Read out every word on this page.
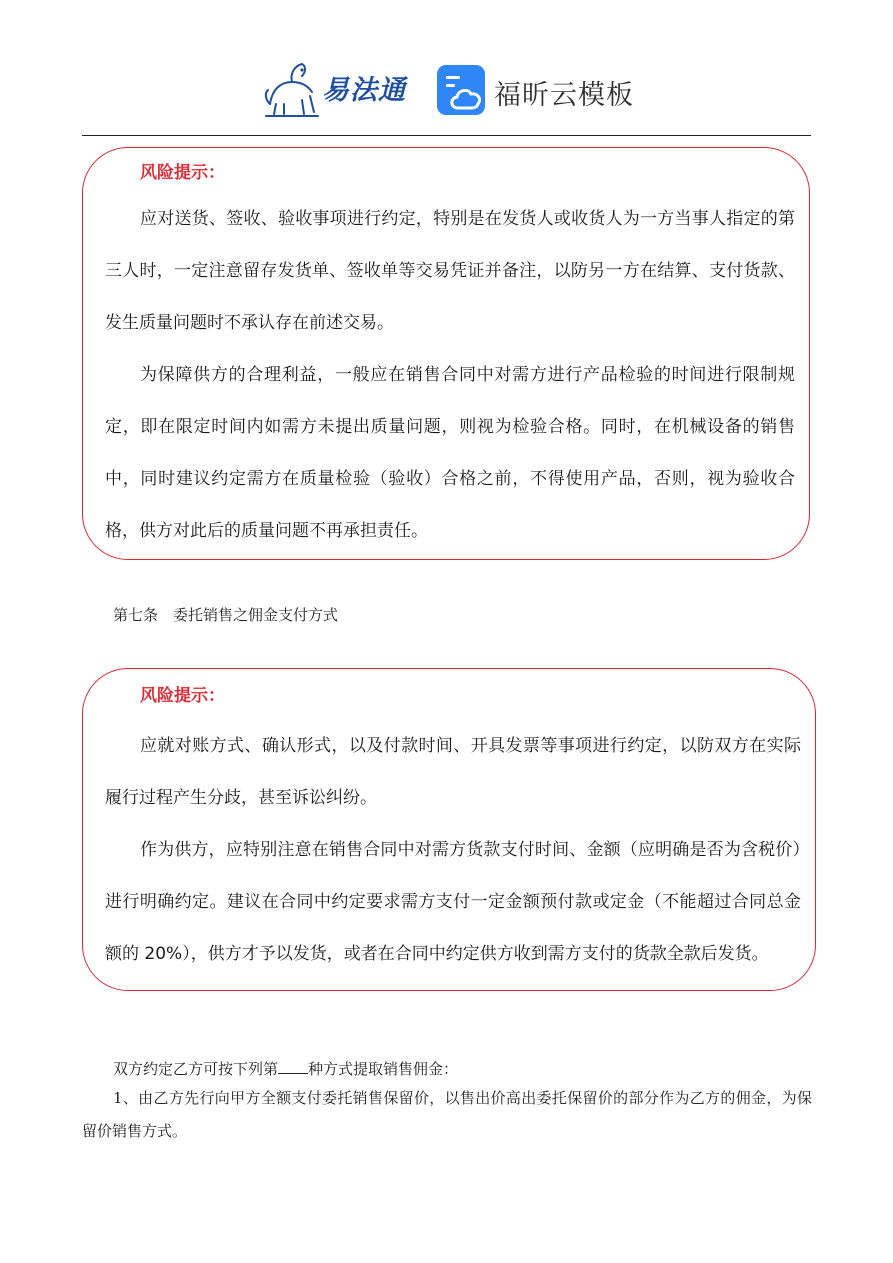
易法通	福昕云模板
风险提示：

应对送货、签收、验收事项进行约定，特别是在发货人或收货人为一方当事人指定的第三人时，一定注意留存发货单、签收单等交易凭证并备注，以防另一方在结算、支付货款、发生质量问题时不承认存在前述交易。

为保障供方的合理利益，一般应在销售合同中对需方进行产品检验的时间进行限制规定，即在限定时间内如需方未提出质量问题，则视为检验合格。同时，在机械设备的销售中，同时建议约定需方在质量检验（验收）合格之前，不得使用产品，否则，视为验收合格，供方对此后的质量问题不再承担责任。

第七条　委托销售之佣金支付方式
风险提示：

应就对账方式、确认形式，以及付款时间、开具发票等事项进行约定，以防双方在实际履行过程产生分歧，甚至诉讼纠纷。

作为供方，应特别注意在销售合同中对需方货款支付时间、金额（应明确是否为含税价）进行明确约定。建议在合同中约定要求需方支付一定金额预付款或定金（不能超过合同总金额的 20%），供方才予以发货，或者在合同中约定供方收到需方支付的货款全款后发货。

双方约定乙方可按下列第 种方式提取销售佣金：

1、由乙方先行向甲方全额支付委托销售保留价，以售出价高出委托保留价的部分作为乙方的佣金，为保留价销售方式。
